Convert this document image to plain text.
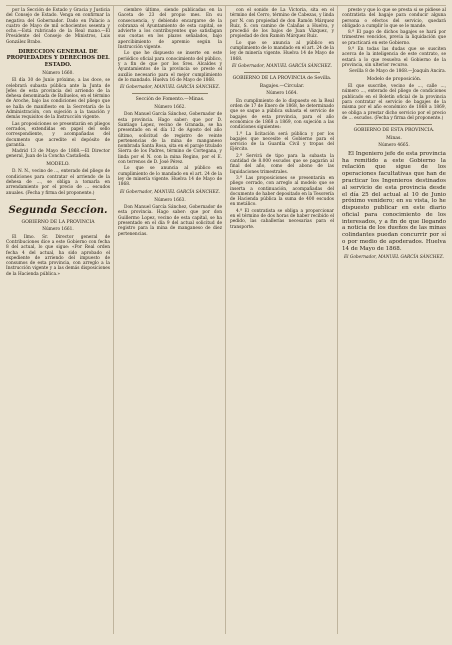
por la Sección de Estado y Gracia y Justicia del Consejo de Estado. Venga en confirmar la negativa del Gobernador. Dado en Palacio a cuatro de Mayo de mil ochocientos sesenta y ocho.—Está rubricado de la Real mano.—El Presidente del Consejo de Ministros, Luis González Brabo.

DIRECCION GENERAL DE PROPIEDADES Y DERECHOS DEL ESTADO.
Número 1660.

El día 30 de Junio próximo, a las doce, se celebrará subasta pública ante la Junta de Jefes de esta provincia del arriendo de la dehesa denominada de Bañuelos, en el término de Aroche, bajo las condiciones del pliego que se halla de manifiesto en la Secretaría de la Administración, con sujeción a la tasación y demás requisitos de la Instrucción vigente.

Las proposiciones se presentarán en pliegos cerrados, extendidas en papel del sello correspondiente, y acompañadas del documento que acredite el depósito de garantía.

Madrid 13 de Mayo de 1868.—El Director general, Juan de la Concha Castañeda.

MODELO.

D. N. N., vecino de ..., enterado del pliego de condiciones para contratar el arriendo de la dehesa de ..., se obliga a tomarla en arrendamiento por el precio de ... escudos anuales. (Fecha y firma del proponente.)

Segunda Seccion.
GOBIERNO DE LA PROVINCIA
Número 1661.

El Ilmo. Sr. Director general de Contribuciones dice a este Gobierno con fecha 8 del actual, lo que sigue: «Por Real orden fecha 4 del actual, ha sido aprobado el expediente de arriendo del impuesto de consumos de esta provincia, con arreglo a la Instrucción vigente y a las demás disposiciones de la Hacienda pública.»

ciembre último, siendo publicadas en la Gaceta de 23 del propio mes. En su consecuencia, y debiendo encargarse de la cobranza el Ayuntamiento de esta capital, se advierte a los contribuyentes que satisfagan sus cuotas en los plazos señalados, bajo apercibimiento de apremio según la Instrucción vigente.

Lo que he dispuesto se inserte en este periódico oficial para conocimiento del público, y a fin de que por los Sres. Alcaldes y Ayuntamientos de la provincia se preste el auxilio necesario para el mejor cumplimiento de lo mandado. Huelva 16 de Mayo de 1868.

El Gobernador, MANUEL GARCÍA SÁNCHEZ.
Sección de Fomento.—Minas.
Número 1662.

Don Manuel García Sánchez, Gobernador de esta provincia. Hago saber: que por D. Santiago Lopez, vecino de Granada, se ha presentado en el día 12 de Agosto del año último, solicitud de registro de veinte pertenencias de la mina de manganeso nombrada Santa Rosa, sita en el paraje titulado Sierra de los Padres, término de Cortegana, y linda por el N. con la mina Regino, por el E. con terrenos de D. José Pérez.

Lo que se anuncia al público en cumplimiento de lo mandado en el art. 24 de la ley de minería vigente. Huelva 14 de Mayo de 1868.

El Gobernador, MANUEL GARCÍA SÁNCHEZ.
Número 1663.

Don Manuel García Sánchez, Gobernador de esta provincia. Hago saber: que por don Guillermo Lopez, vecino de esta capital, se ha presentado en el día 9 del actual solicitud de registro para la mina de manganeso de diez pertenencias.

con el sonido de La Victoria, sita en el término del Cerro, término de Cabezas, y linda por N. con propiedad de don Ramón Márquez Ruiz, S. con camino de Calañas a Huelva, y procedió de los bajos de Juan Vázquez, y propiedad de don Ramón Márquez Ruiz.

Lo que se anuncia al público en cumplimiento de lo mandado en el art. 24 de la ley de minería vigente. Huelva 14 de Mayo de 1868.

El Gobernador, MANUEL GARCÍA SÁNCHEZ.
GOBIERNO DE LA PROVINCIA de Sevilla.
Bagajes.—Circular.
Número 1664.

En cumplimiento de lo dispuesto en la Real orden de 17 de Enero de 1868, he determinado que se saque a pública subasta el servicio de bagajes de esta provincia, para el año económico de 1868 a 1869, con sujeción a las condiciones siguientes:

1.ª La licitación será pública y por los bagajes que necesite el Gobierno para el servicio de la Guardia Civil y tropas del Ejército.

2.ª Servirá de tipo para la subasta la cantidad de 8.000 escudos que se pagarán al final del año, como del abono de las liquidaciones trimestrales.

3.ª Las proposiciones se presentarán en pliego cerrado, con arreglo al modelo que se inserta a continuación, acompañadas del documento de haber depositado en la Tesorería de Hacienda pública la suma de 400 escudos en metálico.

4.ª El contratista se obliga a proporcionar en el término de dos horas de haber recibido el pedido, las caballerías necesarias para el transporte.

preste y que lo que se presta si se pidiese al contratista del bagaje para conducir alguna persona o efectos del servicio, quedará obligado a cumplir lo que se le mande.

8.ª El pago de dichos bagajes se hará por trimestres vencidos, previa la liquidación que se practicará en este Gobierno.

9.ª En todas las dudas que se susciten acerca de la inteligencia de este contrato, se estará a lo que resuelva el Gobierno de la provincia, sin ulterior recurso.

Sevilla 8 de Mayo de 1868.—Joaquín Ancira.

Modelo de proposición.

El que suscribe, vecino de ..., calle ..., número ..., enterado del pliego de condiciones publicado en el Boletín oficial de la provincia para contratar el servicio de bagajes de la misma por el año económico de 1868 a 1869, se obliga a prestar dicho servicio por el precio de ... escudos. (Fecha y firma del proponente.)

GOBIERNO DE ESTA PROVINCIA.
Minas.
Número 4665.

El Ingeniero jefe de esta provincia ha remitido a este Gobierno la relación que sigue de los operaciones facultativas que han de practicar los Ingenieros destinados al servicio de esta provincia desde el día 25 del actual al 10 de Junio próximo venidero; en su vista, lo he dispuesto publicar en este diario oficial para conocimiento de los interesados, y a fin de que llegando a noticia de los dueños de las minas colindantes puedan concurrir por sí o por medio de apoderados. Huelva 14 de Mayo de 1868.

El Gobernador, MANUEL GARCÍA SÁNCHEZ.
